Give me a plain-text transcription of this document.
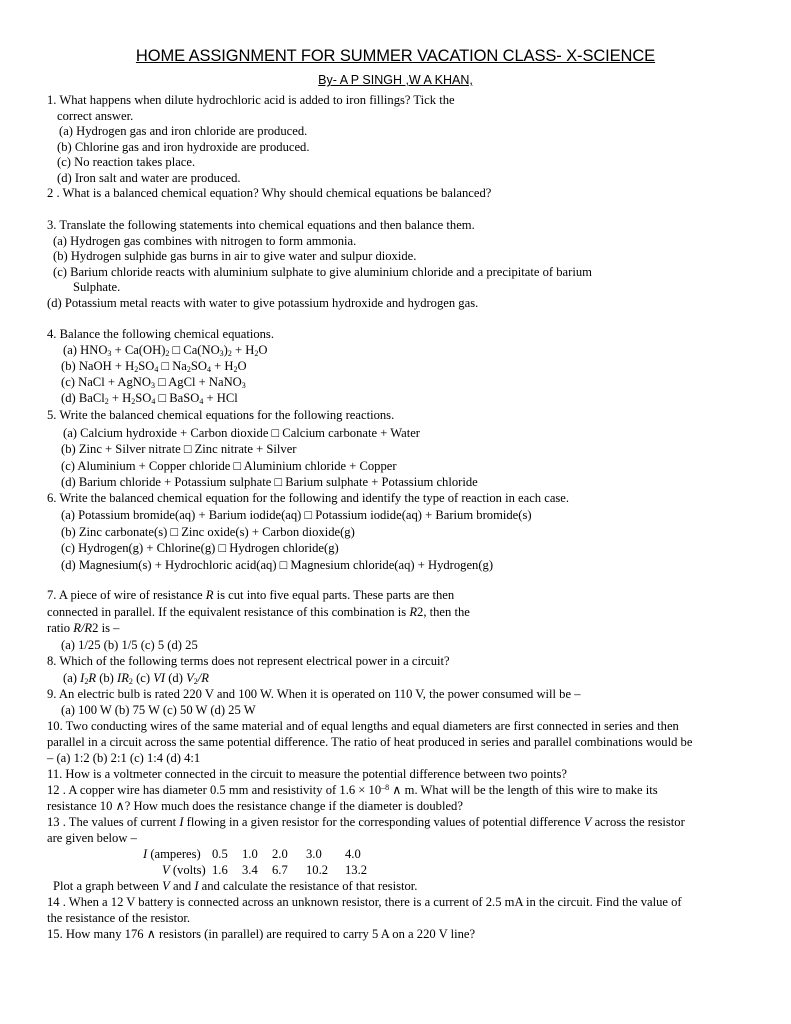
HOME ASSIGNMENT FOR SUMMER VACATION CLASS- X-SCIENCE
By- A P SINGH ,W A KHAN,
1. What happens when dilute hydrochloric acid is added to iron fillings? Tick the
correct answer.
(a) Hydrogen gas and iron chloride are produced.
(b) Chlorine gas and iron hydroxide are produced.
(c) No reaction takes place.
(d) Iron salt and water are produced.
2 . What is a balanced chemical equation? Why should chemical equations be balanced?
3. Translate the following statements into chemical equations and then balance them.
(a) Hydrogen gas combines with nitrogen to form ammonia.
(b) Hydrogen sulphide gas burns in air to give water and sulpur dioxide.
(c) Barium chloride reacts with aluminium sulphate to give aluminium chloride and a precipitate of barium
Sulphate.
(d) Potassium metal reacts with water to give potassium hydroxide and hydrogen gas.
4. Balance the following chemical equations.
(a) $HNO_3 + Ca(OH)_2$ □ $Ca(NO_3)_2 + H_2O$
(b) NaOH + $H_2SO_4$ □ $Na_2SO_4 + H_2O$
(c) NaCl + AgNO$_3$ □ AgCl + NaNO$_3$
(d) BaCl$_2$ + $H_2SO_4$ □ BaSO$_4$ + HCl
5. Write the balanced chemical equations for the following reactions.
(a) Calcium hydroxide + Carbon dioxide □ Calcium carbonate + Water
(b) Zinc + Silver nitrate □ Zinc nitrate + Silver
(c) Aluminium + Copper chloride □ Aluminium chloride + Copper
(d) Barium chloride + Potassium sulphate □ Barium sulphate + Potassium chloride
6. Write the balanced chemical equation for the following and identify the type of reaction in each case.
(a) Potassium bromide(aq) + Barium iodide(aq) □ Potassium iodide(aq) + Barium bromide(s)
(b) Zinc carbonate(s) □ Zinc oxide(s) + Carbon dioxide(g)
(c) Hydrogen(g) + Chlorine(g) □ Hydrogen chloride(g)
(d) Magnesium(s) + Hydrochloric acid(aq) □ Magnesium chloride(aq) + Hydrogen(g)
7. A piece of wire of resistance R is cut into five equal parts. These parts are then
connected in parallel. If the equivalent resistance of this combination is R2, then the
ratio R/R2 is –
(a) 1/25 (b) 1/5 (c) 5 (d) 25
8. Which of the following terms does not represent electrical power in a circuit?
(a) $I_2R$ (b) $IR_2$ (c) VI (d) $V_2/R$
9. An electric bulb is rated 220 V and 100 W. When it is operated on 110 V, the power consumed will be –
(a) 100 W (b) 75 W (c) 50 W (d) 25 W
10. Two conducting wires of the same material and of equal lengths and equal diameters are first connected in series and then
parallel in a circuit across the same potential difference. The ratio of heat produced in series and parallel combinations would be
– (a) 1:2 (b) 2:1 (c) 1:4 (d) 4:1
11. How is a voltmeter connected in the circuit to measure the potential difference between two points?
12 . A copper wire has diameter 0.5 mm and resistivity of $1.6 \times 10^{-8}$ ∧ m. What will be the length of this wire to make its
resistance 10 ∧? How much does the resistance change if the diameter is doubled?
13 . The values of current I flowing in a given resistor for the corresponding values of potential difference V across the resistor
are given below –
I (amperes) 0.5 1.0 2.0 3.0 4.0
V (volts) 1.6 3.4 6.7 10.2 13.2
Plot a graph between V and I and calculate the resistance of that resistor.
14 . When a 12 V battery is connected across an unknown resistor, there is a current of 2.5 mA in the circuit. Find the value of
the resistance of the resistor.
15. How many 176 ∧ resistors (in parallel) are required to carry 5 A on a 220 V line?
